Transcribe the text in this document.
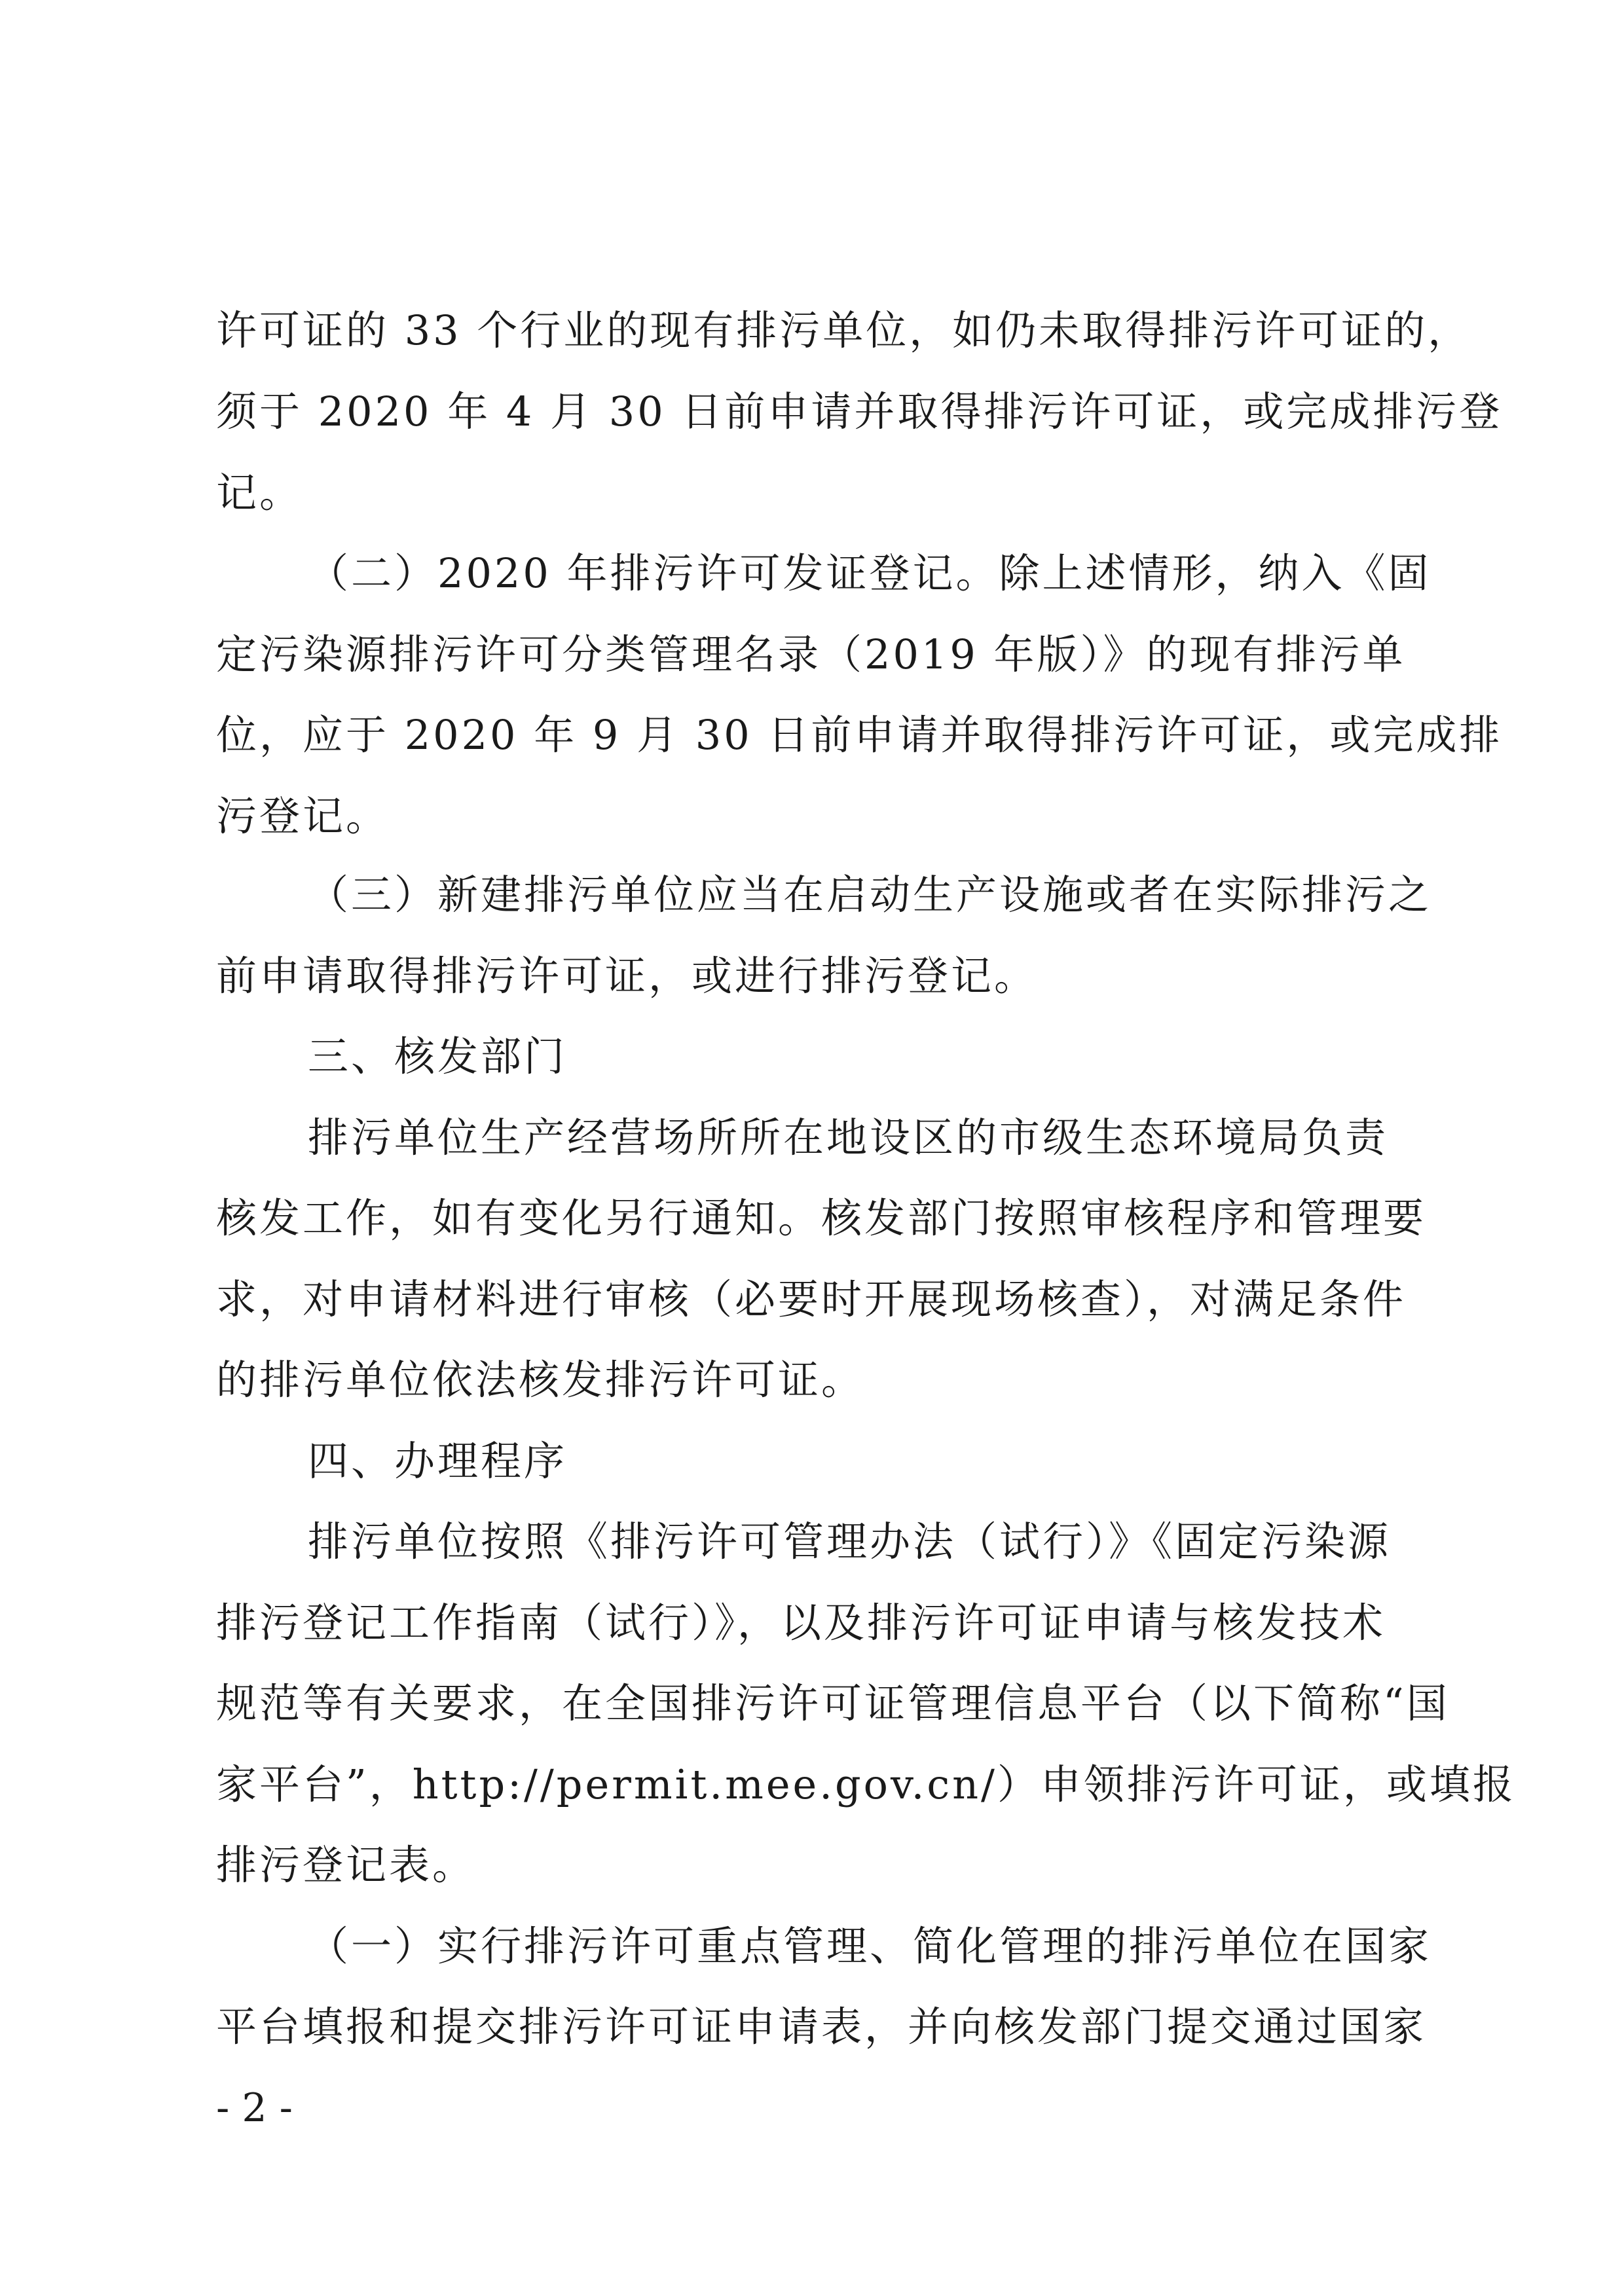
许可证的 33 个行业的现有排污单位，如仍未取得排污许可证的，
须于 2020 年 4 月 30 日前申请并取得排污许可证，或完成排污登
记。
（二）2020 年排污许可发证登记。除上述情形，纳入《固
定污染源排污许可分类管理名录（2019 年版）》的现有排污单
位，应于 2020 年 9 月 30 日前申请并取得排污许可证，或完成排
污登记。
（三）新建排污单位应当在启动生产设施或者在实际排污之
前申请取得排污许可证，或进行排污登记。
三、核发部门
排污单位生产经营场所所在地设区的市级生态环境局负责
核发工作，如有变化另行通知。核发部门按照审核程序和管理要
求，对申请材料进行审核（必要时开展现场核查），对满足条件
的排污单位依法核发排污许可证。
四、办理程序
排污单位按照《排污许可管理办法（试行）》《固定污染源
排污登记工作指南（试行）》，以及排污许可证申请与核发技术
规范等有关要求，在全国排污许可证管理信息平台（以下简称“国
家平台”，http://permit.mee.gov.cn/）申领排污许可证，或填报
排污登记表。
（一）实行排污许可重点管理、简化管理的排污单位在国家
平台填报和提交排污许可证申请表，并向核发部门提交通过国家
- 2 -
